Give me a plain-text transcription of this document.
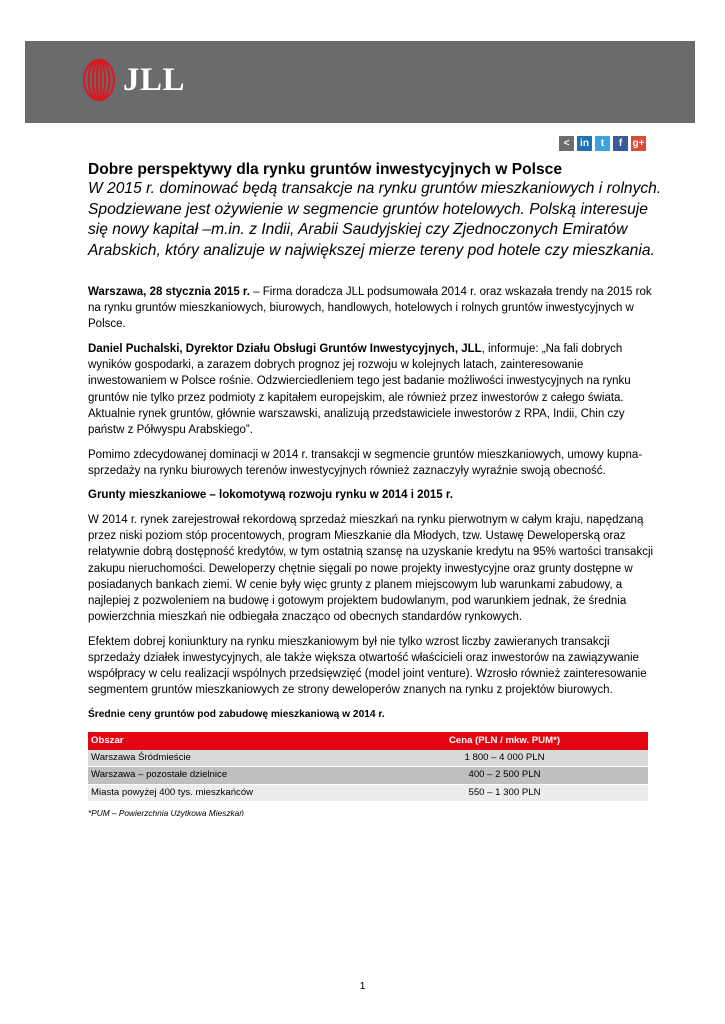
JLL
<	in	t	f	g+
Dobre perspektywy dla rynku gruntów inwestycyjnych w Polsce

W 2015 r. dominować będą transakcje na rynku gruntów mieszkaniowych i rolnych. Spodziewane jest ożywienie w segmencie gruntów hotelowych. Polską interesuje się nowy kapitał –m.in. z Indii, Arabii Saudyjskiej czy Zjednoczonych Emiratów Arabskich, który analizuje w największej mierze tereny pod hotele czy mieszkania.

Warszawa, 28 stycznia 2015 r. – Firma doradcza JLL podsumowała 2014 r. oraz wskazała trendy na 2015 rok na rynku gruntów mieszkaniowych, biurowych, handlowych, hotelowych i rolnych gruntów inwestycyjnych w Polsce.

Daniel Puchalski, Dyrektor Działu Obsługi Gruntów Inwestycyjnych, JLL, informuje: „Na fali dobrych wyników gospodarki, a zarazem dobrych prognoz jej rozwoju w kolejnych latach, zainteresowanie inwestowaniem w Polsce rośnie. Odzwierciedleniem tego jest badanie możliwości inwestycyjnych na rynku gruntów nie tylko przez podmioty z kapitałem europejskim, ale również przez inwestorów z całego świata. Aktualnie rynek gruntów, głównie warszawski, analizują przedstawiciele inwestorów z RPA, Indii, Chin czy państw z Półwyspu Arabskiego”.

Pomimo zdecydowanej dominacji w 2014 r. transakcji w segmencie gruntów mieszkaniowych, umowy kupna-sprzedaży na rynku biurowych terenów inwestycyjnych również zaznaczyły wyraźnie swoją obecność.

Grunty mieszkaniowe – lokomotywą rozwoju rynku w 2014 i 2015 r.

W 2014 r. rynek zarejestrował rekordową sprzedaż mieszkań na rynku pierwotnym w całym kraju, napędzaną przez niski poziom stóp procentowych, program Mieszkanie dla Młodych, tzw. Ustawę Deweloperską oraz relatywnie dobrą dostępność kredytów, w tym ostatnią szansę na uzyskanie kredytu na 95% wartości transakcji zakupu nieruchomości. Deweloperzy chętnie sięgali po nowe projekty inwestycyjne oraz grunty dostępne w posiadanych bankach ziemi. W cenie były więc grunty z planem miejscowym lub warunkami zabudowy, a najlepiej z pozwoleniem na budowę i gotowym projektem budowlanym, pod warunkiem jednak, że średnia powierzchnia mieszkań nie odbiegała znacząco od obecnych standardów rynkowych.

Efektem dobrej koniunktury na rynku mieszkaniowym był nie tylko wzrost liczby zawieranych transakcji sprzedaży działek inwestycyjnych, ale także większa otwartość właścicieli oraz inwestorów na zawiązywanie współpracy w celu realizacji wspólnych przedsięwzięć (model joint venture). Wzrosło również zainteresowanie segmentem gruntów mieszkaniowych ze strony deweloperów znanych na rynku z projektów biurowych.

Średnie ceny gruntów pod zabudowę mieszkaniową w 2014 r.
Obszar	Cena (PLN / mkw. PUM*)
Warszawa Śródmieście	1 800 – 4 000 PLN
Warszawa – pozostałe dzielnice	400 – 2 500 PLN
Miasta powyżej 400 tys. mieszkańców	550 – 1 300 PLN
*PUM – Powierzchnia Użytkowa Mieszkań
1
